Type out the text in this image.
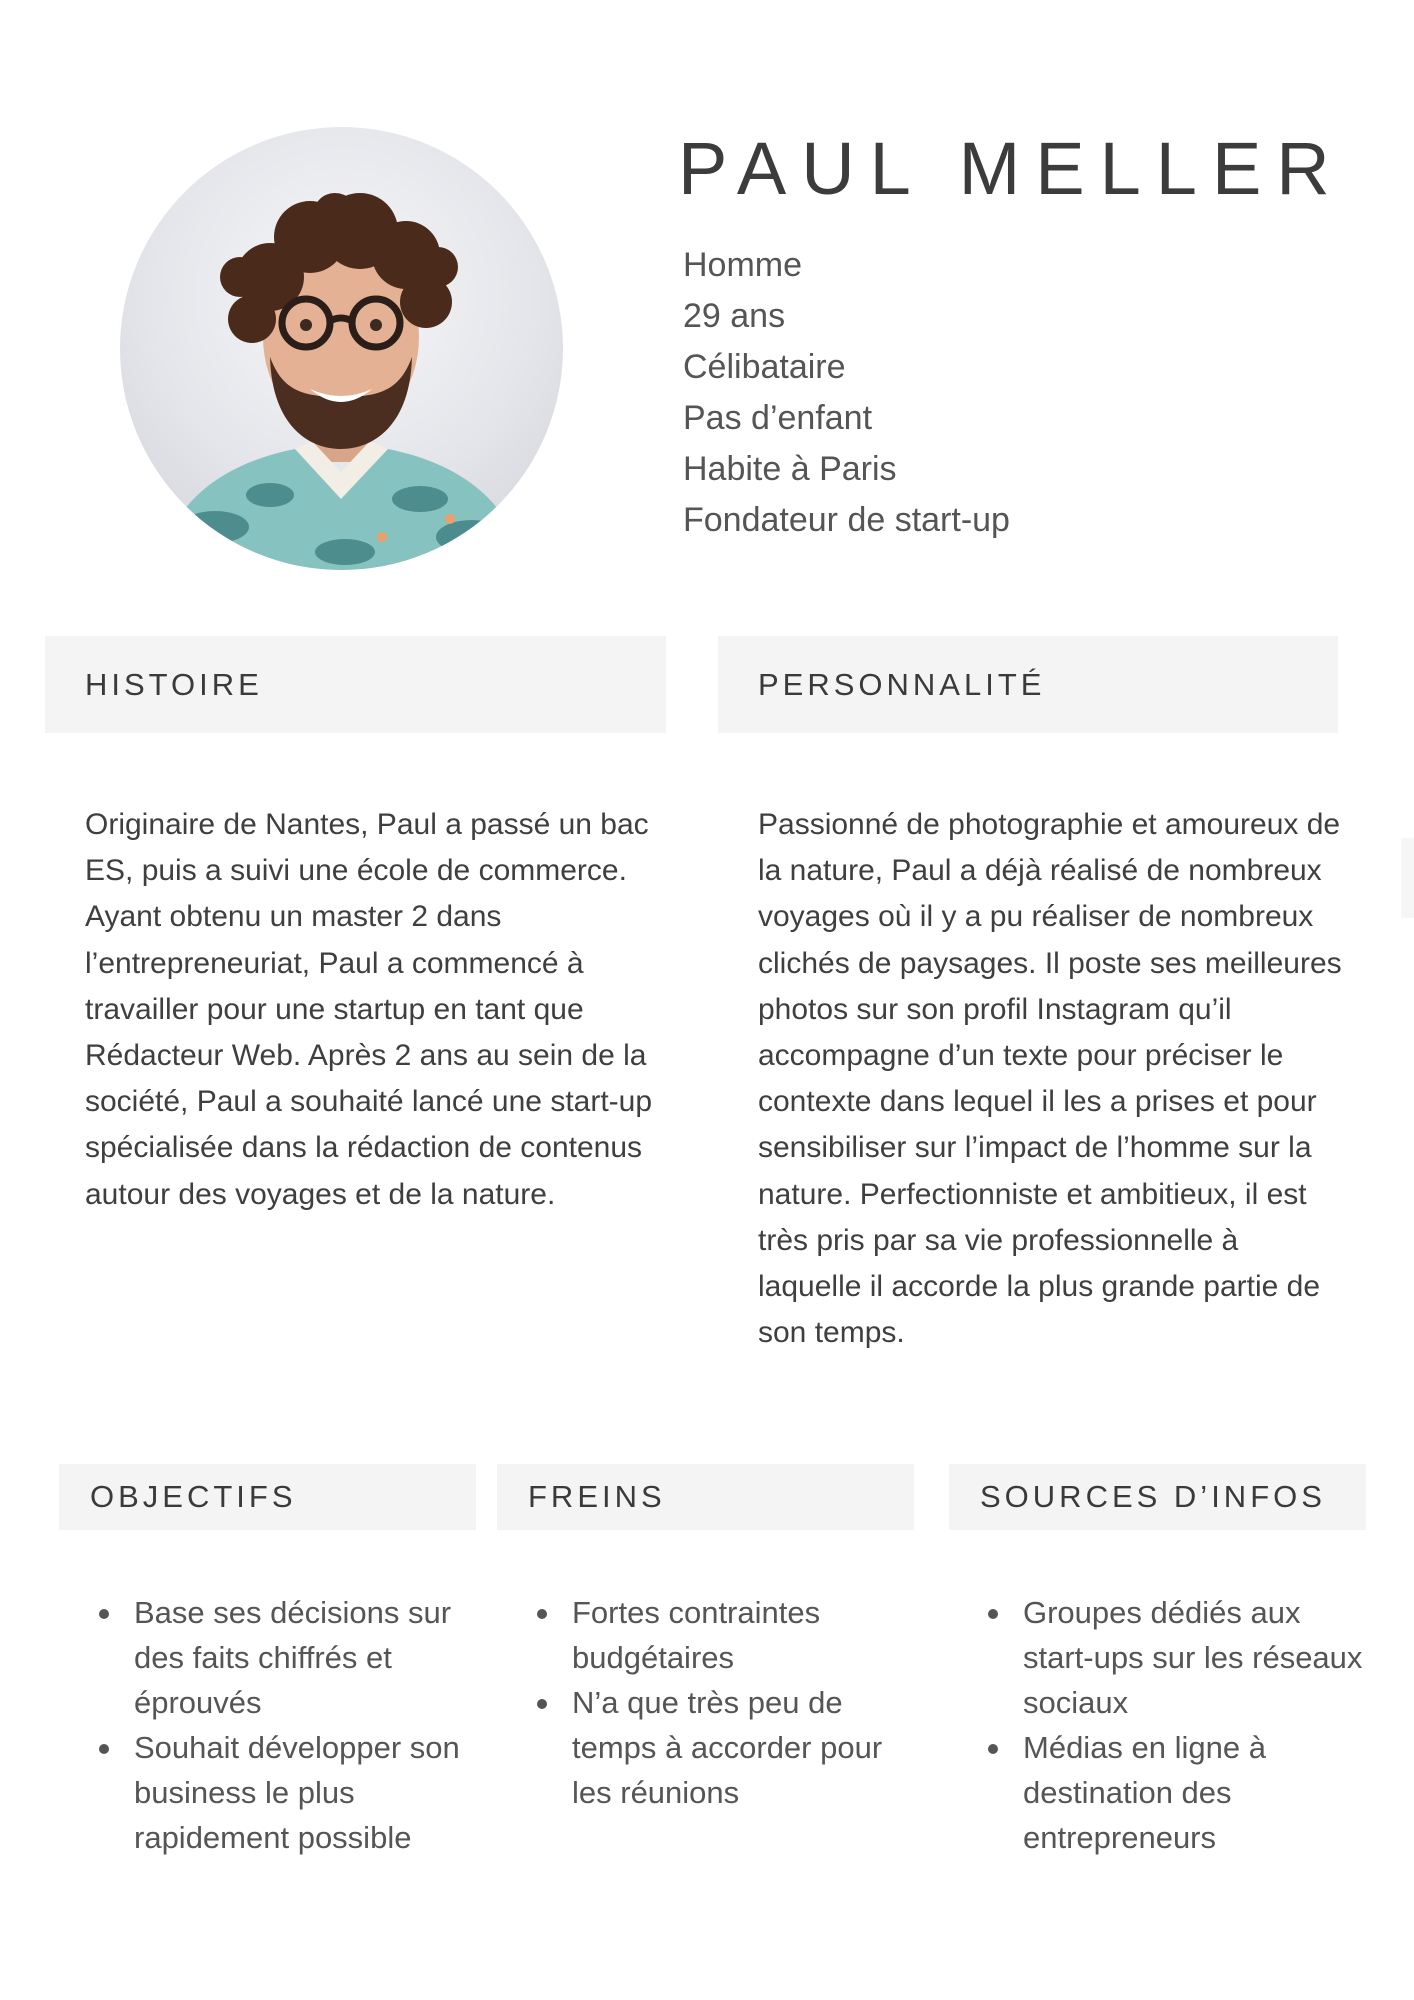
PAUL MELLER
Homme
29 ans
Célibataire
Pas d’enfant
Habite à Paris
Fondateur de start-up
HISTOIRE	PERSONNALITÉ

Originaire de Nantes, Paul a passé un bac ES, puis a suivi une école de commerce. Ayant obtenu un master 2 dans l’entrepreneuriat, Paul a commencé à travailler pour une startup en tant que Rédacteur Web. Après 2 ans au sein de la société, Paul a souhaité lancé une start-up spécialisée dans la rédaction de contenus autour des voyages et de la nature.

Passionné de photographie et amoureux de la nature, Paul a déjà réalisé de nombreux voyages où il y a pu réaliser de nombreux clichés de paysages. Il poste ses meilleures photos sur son profil Instagram qu’il accompagne d’un texte pour préciser le contexte dans lequel il les a prises et pour sensibiliser sur l’impact de l’homme sur la nature. Perfectionniste et ambitieux, il est très pris par sa vie professionnelle à laquelle il accorde la plus grande partie de son temps.

OBJECTIFS	FREINS	SOURCES D’INFOS
Base ses décisions sur des faits chiffrés et éprouvés
Souhait développer son business le plus rapidement possible
Fortes contraintes budgétaires
N’a que très peu de temps à accorder pour les réunions
Groupes dédiés aux start-ups sur les réseaux sociaux
Médias en ligne à destination des entrepreneurs
